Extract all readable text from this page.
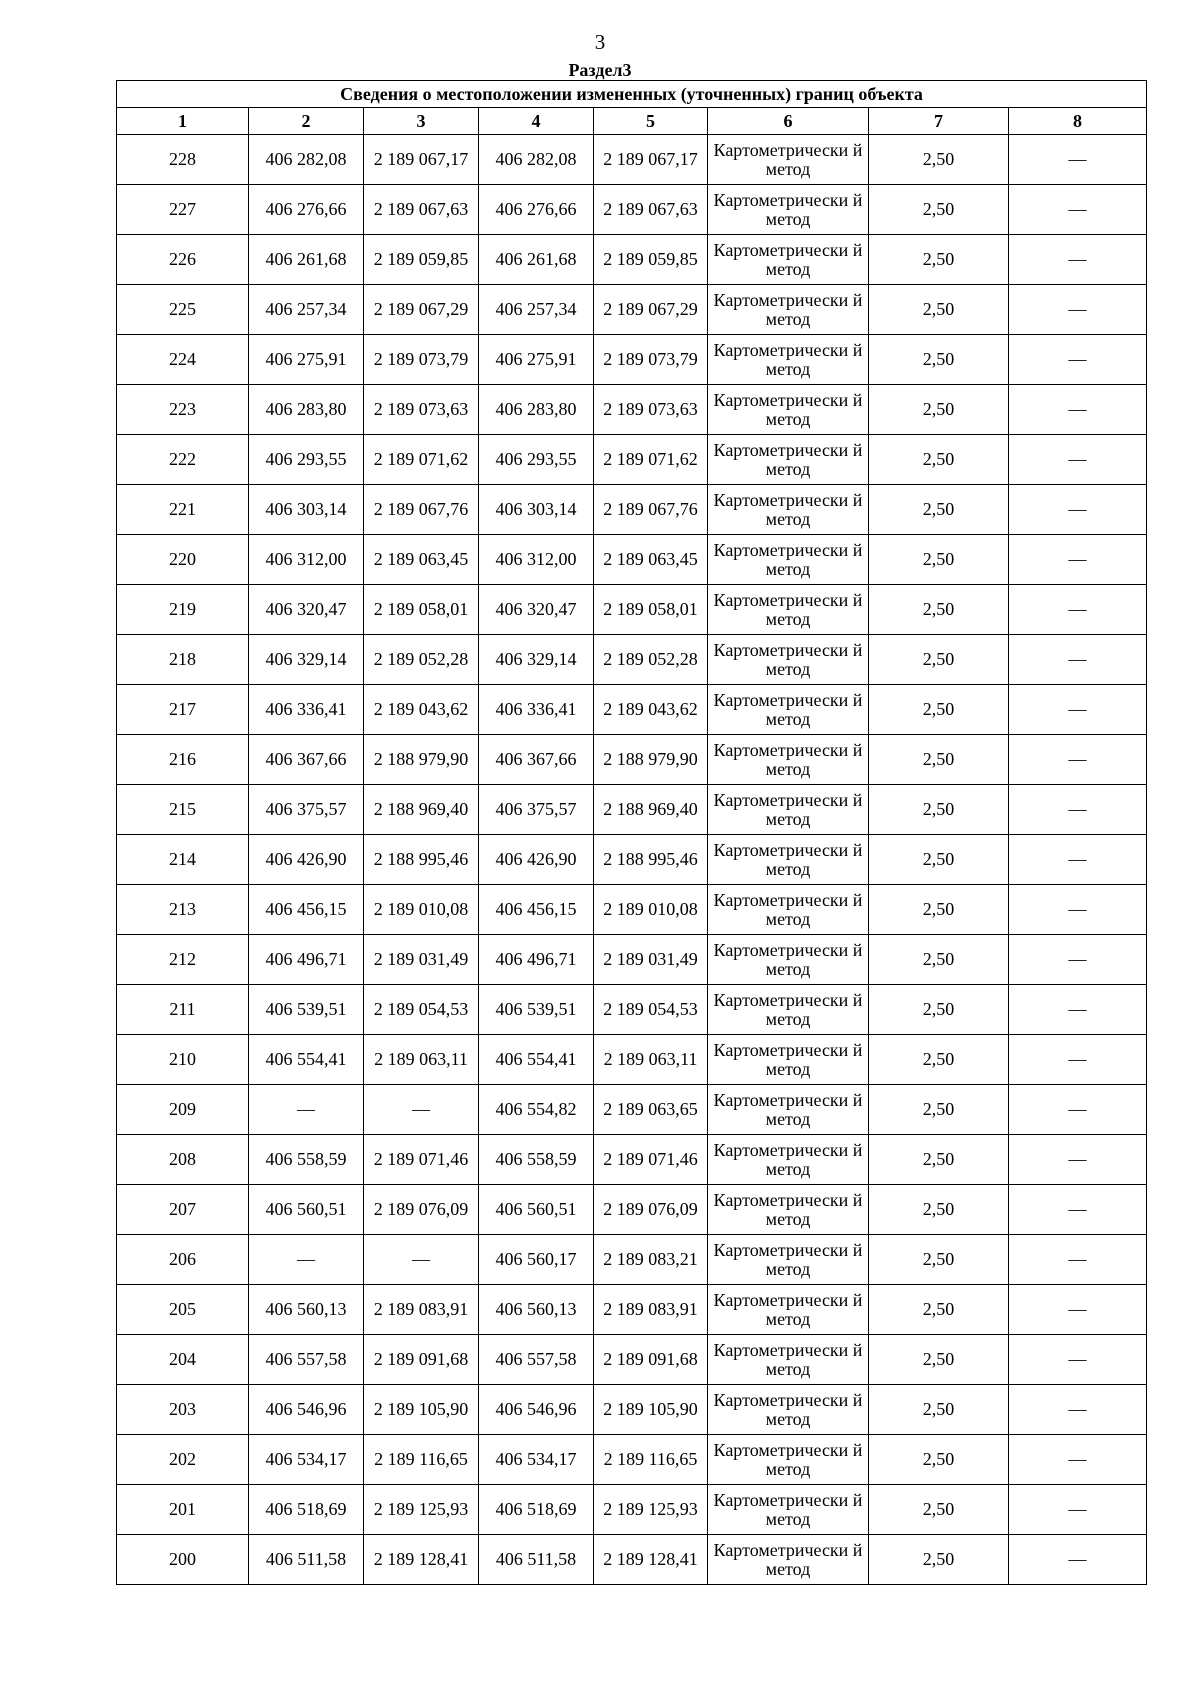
3
Раздел3
Сведения о местоположении измененных (уточненных) границ объекта							
1	2	3	4	5	6	7	8
228	406 282,08	2 189 067,17	406 282,08	2 189 067,17	Картометрически й метод	2,50	—
227	406 276,66	2 189 067,63	406 276,66	2 189 067,63	Картометрически й метод	2,50	—
226	406 261,68	2 189 059,85	406 261,68	2 189 059,85	Картометрически й метод	2,50	—
225	406 257,34	2 189 067,29	406 257,34	2 189 067,29	Картометрически й метод	2,50	—
224	406 275,91	2 189 073,79	406 275,91	2 189 073,79	Картометрически й метод	2,50	—
223	406 283,80	2 189 073,63	406 283,80	2 189 073,63	Картометрически й метод	2,50	—
222	406 293,55	2 189 071,62	406 293,55	2 189 071,62	Картометрически й метод	2,50	—
221	406 303,14	2 189 067,76	406 303,14	2 189 067,76	Картометрически й метод	2,50	—
220	406 312,00	2 189 063,45	406 312,00	2 189 063,45	Картометрически й метод	2,50	—
219	406 320,47	2 189 058,01	406 320,47	2 189 058,01	Картометрически й метод	2,50	—
218	406 329,14	2 189 052,28	406 329,14	2 189 052,28	Картометрически й метод	2,50	—
217	406 336,41	2 189 043,62	406 336,41	2 189 043,62	Картометрически й метод	2,50	—
216	406 367,66	2 188 979,90	406 367,66	2 188 979,90	Картометрически й метод	2,50	—
215	406 375,57	2 188 969,40	406 375,57	2 188 969,40	Картометрически й метод	2,50	—
214	406 426,90	2 188 995,46	406 426,90	2 188 995,46	Картометрически й метод	2,50	—
213	406 456,15	2 189 010,08	406 456,15	2 189 010,08	Картометрически й метод	2,50	—
212	406 496,71	2 189 031,49	406 496,71	2 189 031,49	Картометрически й метод	2,50	—
211	406 539,51	2 189 054,53	406 539,51	2 189 054,53	Картометрически й метод	2,50	—
210	406 554,41	2 189 063,11	406 554,41	2 189 063,11	Картометрически й метод	2,50	—
209	—	—	406 554,82	2 189 063,65	Картометрически й метод	2,50	—
208	406 558,59	2 189 071,46	406 558,59	2 189 071,46	Картометрически й метод	2,50	—
207	406 560,51	2 189 076,09	406 560,51	2 189 076,09	Картометрически й метод	2,50	—
206	—	—	406 560,17	2 189 083,21	Картометрически й метод	2,50	—
205	406 560,13	2 189 083,91	406 560,13	2 189 083,91	Картометрически й метод	2,50	—
204	406 557,58	2 189 091,68	406 557,58	2 189 091,68	Картометрически й метод	2,50	—
203	406 546,96	2 189 105,90	406 546,96	2 189 105,90	Картометрически й метод	2,50	—
202	406 534,17	2 189 116,65	406 534,17	2 189 116,65	Картометрически й метод	2,50	—
201	406 518,69	2 189 125,93	406 518,69	2 189 125,93	Картометрически й метод	2,50	—
200	406 511,58	2 189 128,41	406 511,58	2 189 128,41	Картометрически й метод	2,50	—
